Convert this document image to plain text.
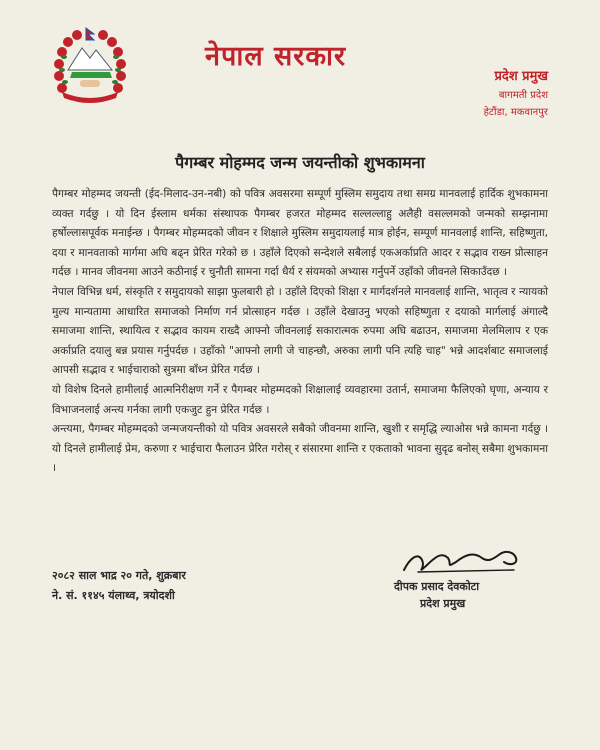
नेपाल सरकार
प्रदेश प्रमुख
बागमती प्रदेश
हेटौंडा, मकवानपुर
पैगम्बर मोहम्मद जन्म जयन्तीको शुभकामना

पैगम्बर मोहम्मद जयन्ती (ईद-मिलाद-उन-नबी) को पवित्र अवसरमा सम्पूर्ण मुस्लिम समुदाय तथा समग्र मानवलाई हार्दिक शुभकामना व्यक्त गर्दछु । यो दिन ईस्लाम धर्मका संस्थापक पैगम्बर हजरत मोहम्मद सल्लल्लाहु अलैही वसल्लमको जन्मको सम्झनामा हर्षोल्लासपूर्वक मनाईन्छ । पैगम्बर मोहम्मदको जीवन र शिक्षाले मुस्लिम समुदायलाई मात्र होईन, सम्पूर्ण मानवलाई शान्ति, सहिष्णुता, दया र मानवताको मार्गमा अघि बढ्न प्रेरित गरेको छ । उहाँले दिएको सन्देशले सबैलाई एकअर्काप्रति आदर र सद्भाव राख्न प्रोत्साहन गर्दछ । मानव जीवनमा आउने कठीनाई र चुनौती सामना गर्दा धैर्य र संयमको अभ्यास गर्नुपर्ने उहाँको जीवनले सिकाउँदछ ।

नेपाल विभिन्न धर्म, संस्कृति र समुदायको साझा फुलबारी हो । उहाँले दिएको शिक्षा र मार्गदर्शनले मानवलाई शान्ति, भातृत्व र न्यायको मुल्य मान्यतामा आधारित समाजको निर्माण गर्न प्रोत्साहन गर्दछ । उहाँले देखाउनु भएको सहिष्णुता र दयाको मार्गलाई अंगाल्दै समाजमा शान्ति, स्थायित्व र सद्भाव कायम राख्दै आफ्नो जीवनलाई सकारात्मक रुपमा अघि बढाउन, समाजमा मेलमिलाप र एक अर्काप्रति दयालु बन्न प्रयास गर्नुपर्दछ । उहाँको "आफ्नो लागी जे चाहन्छौ, अरुका लागी पनि त्यहि चाह" भन्ने आदर्शबाट समाजलाई आपसी सद्भाव र भाईचाराको सुत्रमा बाँध्न प्रेरित गर्दछ ।

यो विशेष दिनले हामीलाई आत्मनिरीक्षण गर्ने र पैगम्बर मोहम्मदको शिक्षालाई व्यवहारमा उतार्न, समाजमा फैलिएको घृणा, अन्याय र विभाजनलाई अन्त्य गर्नका लागी एकजुट हुन प्रेरित गर्दछ ।

अन्त्यमा, पैगम्बर मोहम्मदको जन्मजयन्तीको यो पवित्र अवसरले सबैको जीवनमा शान्ति, खुशी र समृद्धि ल्याओस भन्ने कामना गर्दछु । यो दिनले हामीलाई प्रेम, करुणा र भाईचारा फैलाउन प्रेरित गरोस् र संसारमा शान्ति र एकताको भावना सुदृढ बनोस् सबैमा शुभकामना ।

२०८२ साल भाद्र २० गते, शुक्रबार
ने. सं. ११४५ यंलाथ्व, त्रयोदशी
दीपक प्रसाद देवकोटा
प्रदेश प्रमुख
